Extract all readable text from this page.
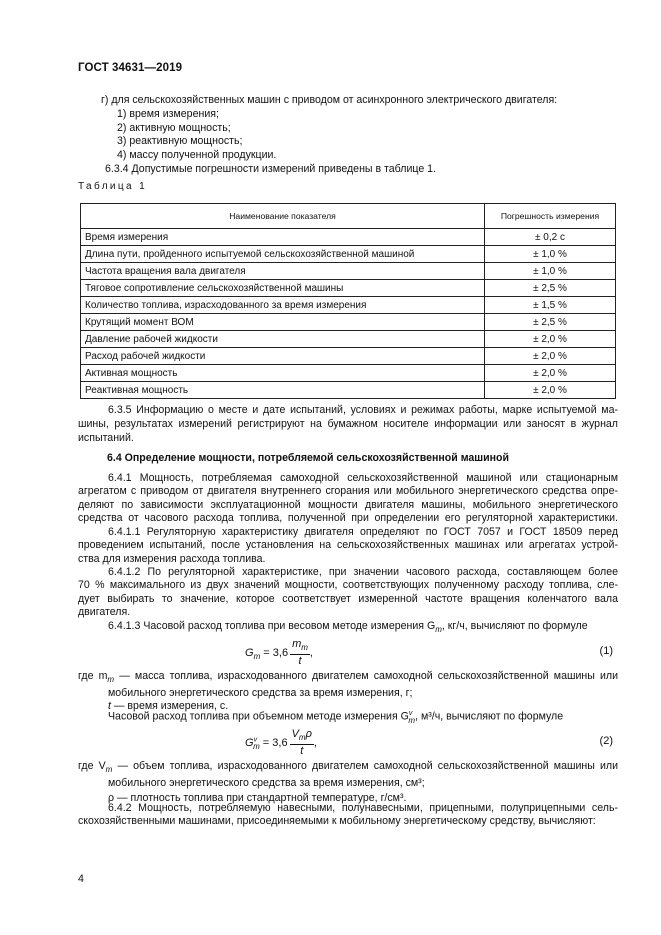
ГОСТ 34631—2019
г) для сельскохозяйственных машин с приводом от асинхронного электрического двигателя:
1) время измерения;
2) активную мощность;
3) реактивную мощность;
4) массу полученной продукции.
6.3.4 Допустимые погрешности измерений приведены в таблице 1.
Таблица 1
Наименование показателя	Погрешность измерения
Время измерения	± 0,2 с
Длина пути, пройденного испытуемой сельскохозяйственной машиной	± 1,0 %
Частота вращения вала двигателя	± 1,0 %
Тяговое сопротивление сельскохозяйственной машины	± 2,5 %
Количество топлива, израсходованного за время измерения	± 1,5 %
Крутящий момент ВОМ	± 2,5 %
Давление рабочей жидкости	± 2,0 %
Расход рабочей жидкости	± 2,0 %
Активная мощность	± 2,0 %
Реактивная мощность	± 2,0 %
6.3.5 Информацию о месте и дате испытаний, условиях и режимах работы, марке испытуемой ма-
шины, результатах измерений регистрируют на бумажном носителе информации или заносят в журнал
испытаний.
6.4 Определение мощности, потребляемой сельскохозяйственной машиной
6.4.1 Мощность, потребляемая самоходной сельскохозяйственной машиной или стационарным
агрегатом с приводом от двигателя внутреннего сгорания или мобильного энергетического средства опре-
деляют по зависимости эксплуатационной мощности двигателя машины, мобильного энергетического
средства от часового расхода топлива, полученной при определении его регуляторной характеристики.
6.4.1.1 Регуляторную характеристику двигателя определяют по ГОСТ 7057 и ГОСТ 18509 перед
проведением испытаний, после установления на сельскохозяйственных машинах или агрегатах устрой-
ства для измерения расхода топлива.
6.4.1.2 По регуляторной характеристике, при значении часового расхода, составляющем более
70 % максимального из двух значений мощности, соответствующих полученному расходу топлива, сле-
дует выбирать то значение, которое соответствует измеренной частоте вращения коленчатого вала
двигателя.
6.4.1.3 Часовой расход топлива при весовом методе измерения $G_т$, кг/ч, вычисляют по формуле
$G_т = 3,6 \frac{m_т}{t}$ ,	(1)
где $m_т$ — масса топлива, израсходованного двигателем самоходной сельскохозяйственной машины или
мобильного энергетического средства за время измерения, г;
t — время измерения, с.
Часовой расход топлива при объемном методе измерения $G^v_т$, м³/ч, вычисляют по формуле
$G^v_т = 3,6 \frac{V_т\rho}{t}$ ,	(2)
где $V_т$ — объем топлива, израсходованного двигателем самоходной сельскохозяйственной машины или
мобильного энергетического средства за время измерения, см³;
ρ — плотность топлива при стандартной температуре, г/см³.
6.4.2 Мощность, потребляемую навесными, полунавесными, прицепными, полуприцепными сель-
скохозяйственными машинами, присоединяемыми к мобильному энергетическому средству, вычисляют:
4
